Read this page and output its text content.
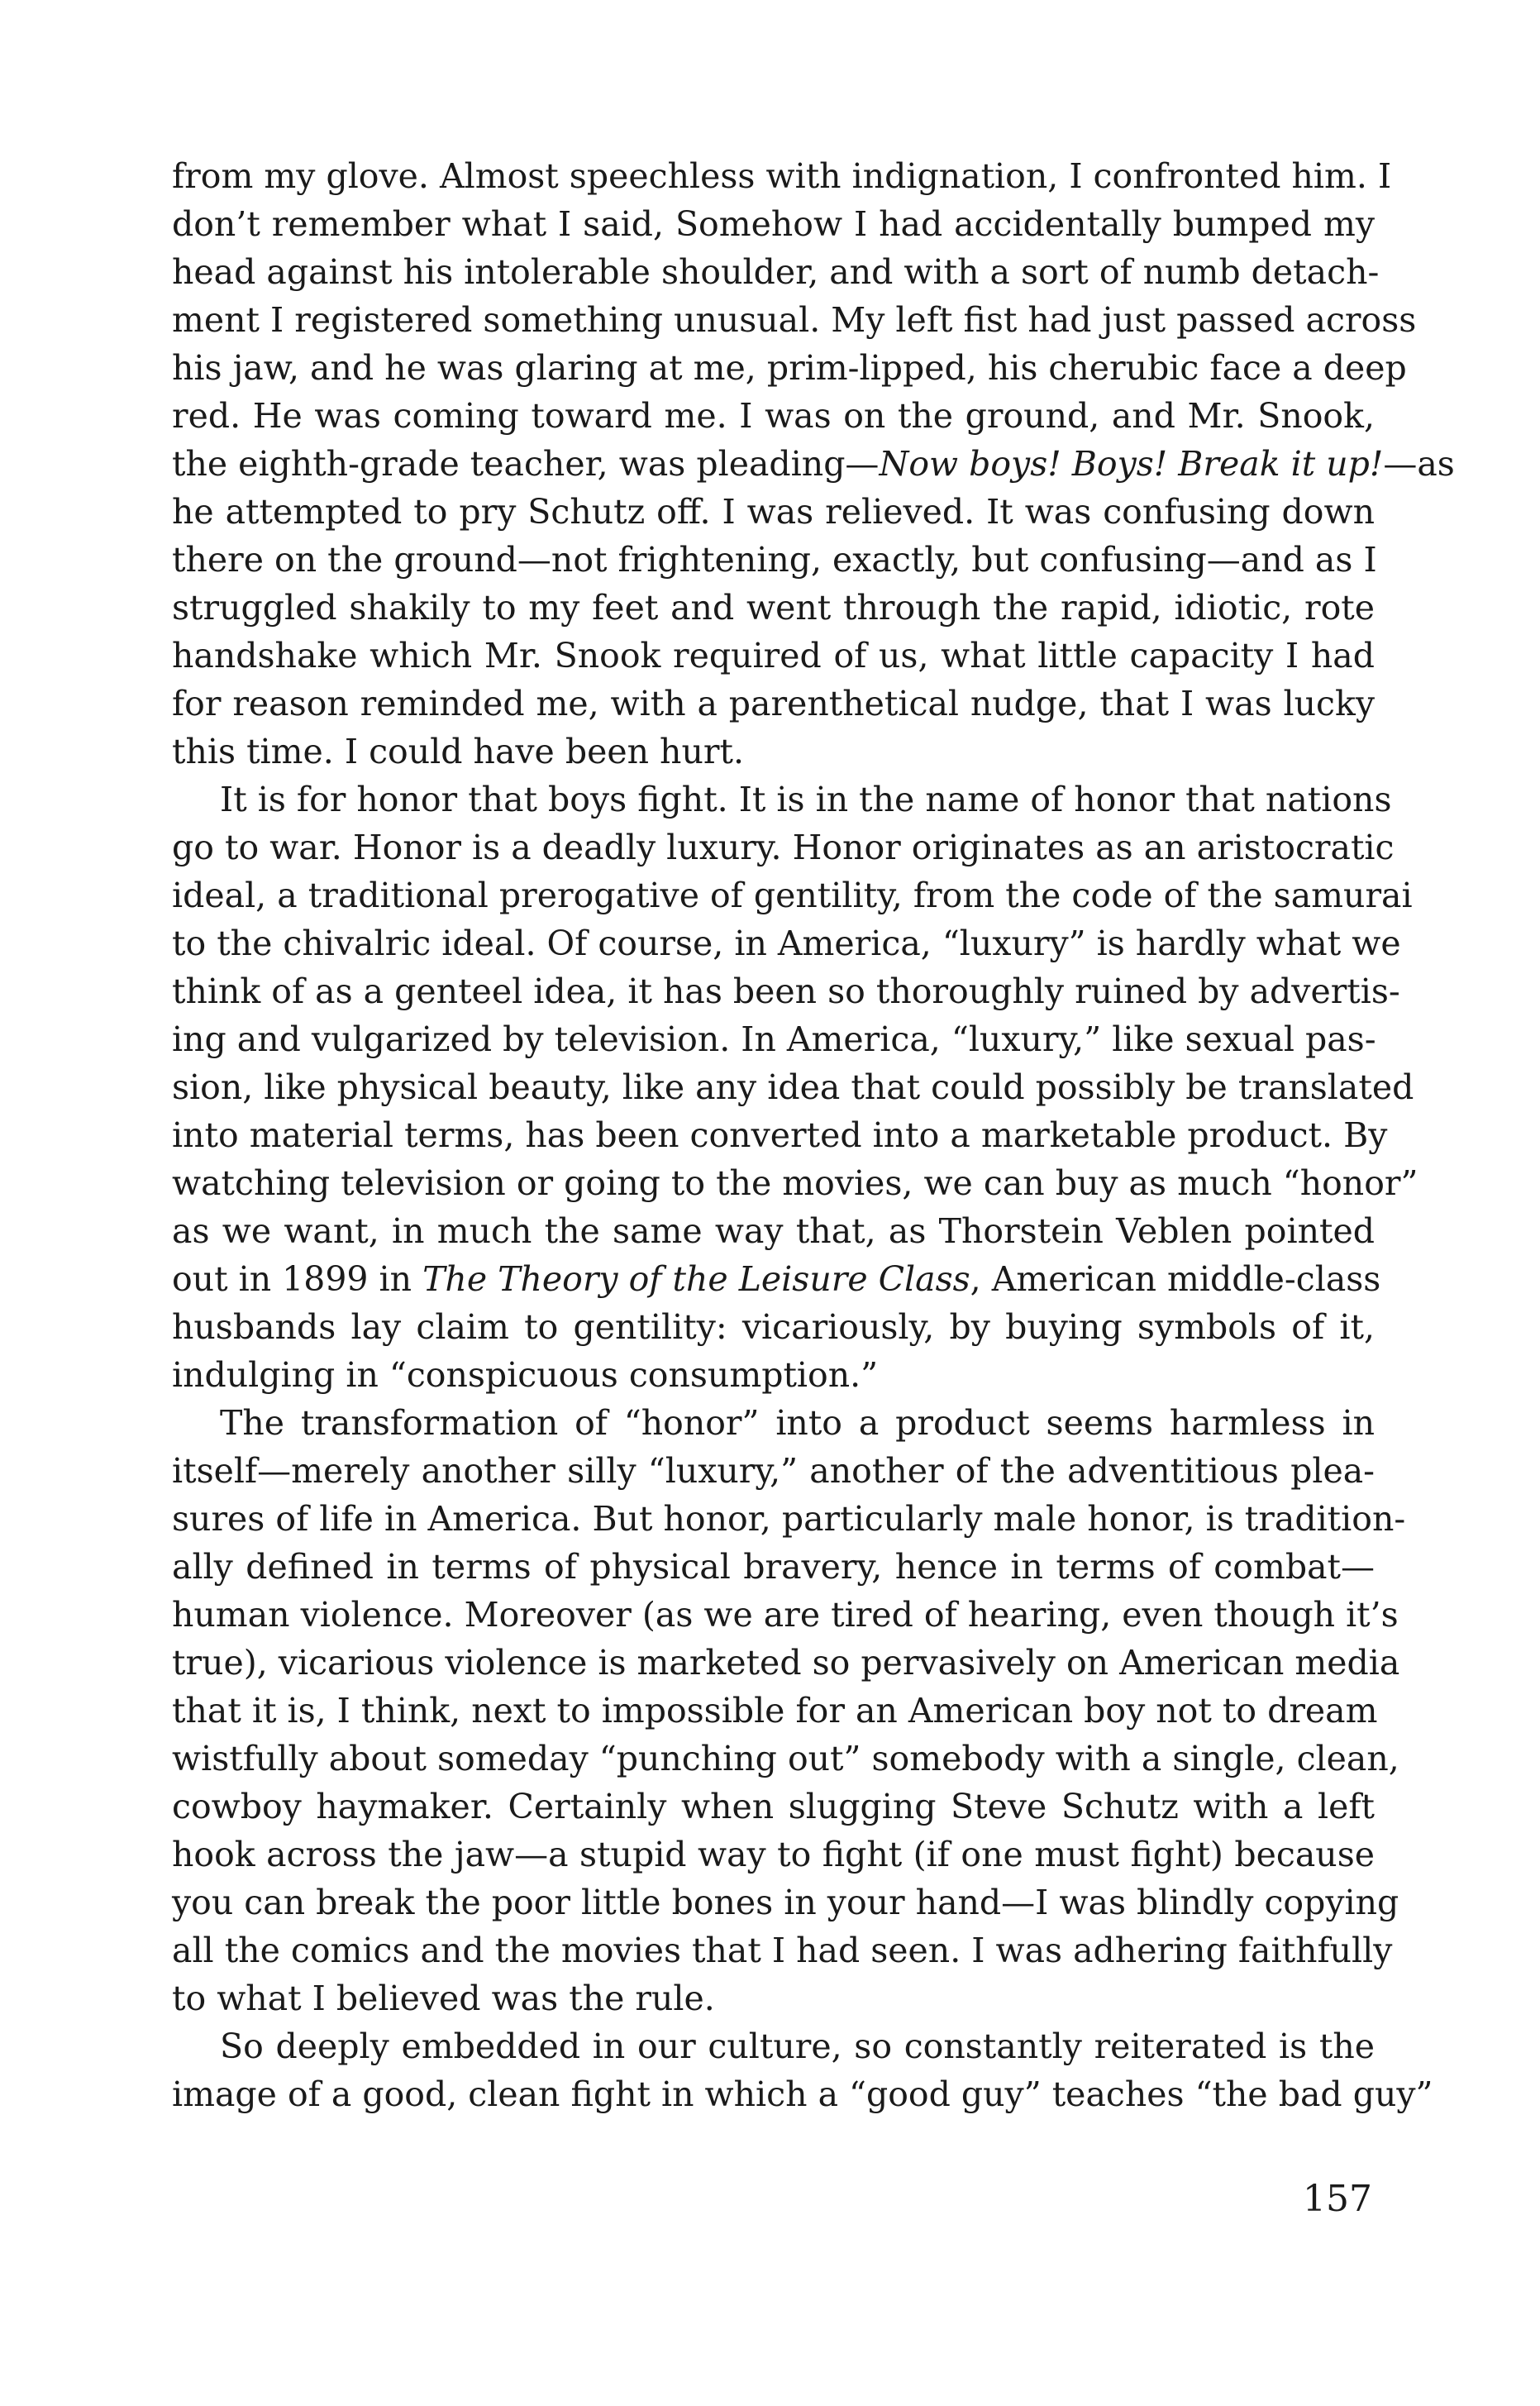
from my glove. Almost speechless with indignation, I confronted him. I
don’t remember what I said, Somehow I had accidentally bumped my
head against his intolerable shoulder, and with a sort of numb detach-
ment I registered something unusual. My left fist had just passed across
his jaw, and he was glaring at me, prim-lipped, his cherubic face a deep
red. He was coming toward me. I was on the ground, and Mr. Snook,
the eighth-grade teacher, was pleading—Now boys! Boys! Break it up!—as
he attempted to pry Schutz off. I was relieved. It was confusing down
there on the ground—not frightening, exactly, but confusing—and as I
struggled shakily to my feet and went through the rapid, idiotic, rote
handshake which Mr. Snook required of us, what little capacity I had
for reason reminded me, with a parenthetical nudge, that I was lucky
this time. I could have been hurt.
It is for honor that boys fight. It is in the name of honor that nations
go to war. Honor is a deadly luxury. Honor originates as an aristocratic
ideal, a traditional prerogative of gentility, from the code of the samurai
to the chivalric ideal. Of course, in America, “luxury” is hardly what we
think of as a genteel idea, it has been so thoroughly ruined by advertis-
ing and vulgarized by television. In America, “luxury,” like sexual pas-
sion, like physical beauty, like any idea that could possibly be translated
into material terms, has been converted into a marketable product. By
watching television or going to the movies, we can buy as much “honor”
as we want, in much the same way that, as Thorstein Veblen pointed
out in 1899 in The Theory of the Leisure Class, American middle-class
husbands lay claim to gentility: vicariously, by buying symbols of it,
indulging in “conspicuous consumption.”
The transformation of “honor” into a product seems harmless in
itself—merely another silly “luxury,” another of the adventitious plea-
sures of life in America. But honor, particularly male honor, is tradition-
ally defined in terms of physical bravery, hence in terms of combat—
human violence. Moreover (as we are tired of hearing, even though it’s
true), vicarious violence is marketed so pervasively on American media
that it is, I think, next to impossible for an American boy not to dream
wistfully about someday “punching out” somebody with a single, clean,
cowboy haymaker. Certainly when slugging Steve Schutz with a left
hook across the jaw—a stupid way to fight (if one must fight) because
you can break the poor little bones in your hand—I was blindly copying
all the comics and the movies that I had seen. I was adhering faithfully
to what I believed was the rule.
So deeply embedded in our culture, so constantly reiterated is the
image of a good, clean fight in which a “good guy” teaches “the bad guy”
157
